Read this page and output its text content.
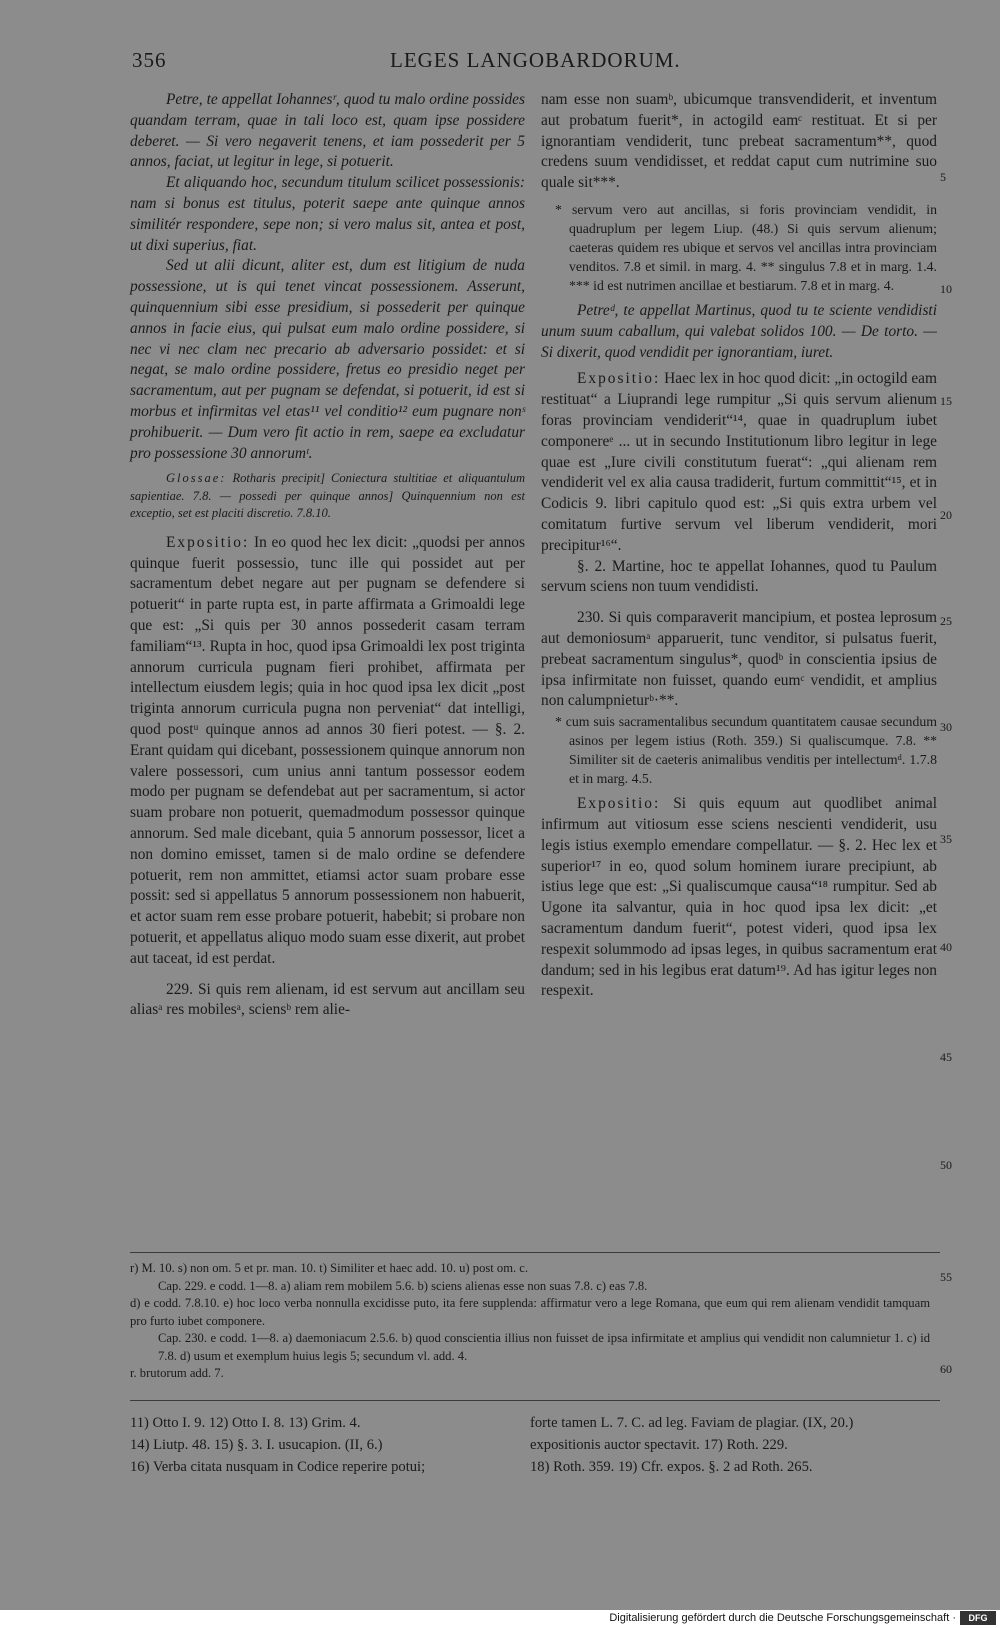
356	LEGES LANGOBARDORUM.

Petre, te appellat Iohannesʳ, quod tu malo ordine possides quandam terram, quae in tali loco est, quam ipse possidere deberet. — Si vero negaverit tenens, et iam possederit per 5 annos, faciat, ut legitur in lege, si potuerit.

Et aliquando hoc, secundum titulum scilicet possessionis: nam si bonus est titulus, poterit saepe ante quinque annos similitér respondere, sepe non; si vero malus sit, antea et post, ut dixi superius, fiat.

Sed ut alii dicunt, aliter est, dum est litigium de nuda possessione, ut is qui tenet vincat possessionem. Asserunt, quinquennium sibi esse presidium, si possederit per quinque annos in facie eius, qui pulsat eum malo ordine possidere, si nec vi nec clam nec precario ab adversario possidet: et si negat, se malo ordine possidere, fretus eo presidio neget per sacramentum, aut per pugnam se defendat, si potuerit, id est si morbus et infirmitas vel etas¹¹ vel conditio¹² eum pugnare nonˢ prohibuerit. — Dum vero fit actio in rem, saepe ea excludatur pro possessione 30 annorumᵗ.

Glossae: Rotharis precipit] Coniectura stultitiae et aliquantulum sapientiae. 7.8. — possedi per quinque annos] Quinquennium non est exceptio, set est placiti discretio. 7.8.10.

Expositio: In eo quod hec lex dicit: „quodsi per annos quinque fuerit possessio, tunc ille qui possidet aut per sacramentum debet negare aut per pugnam se defendere si potuerit“ in parte rupta est, in parte affirmata a Grimoaldi lege que est: „Si quis per 30 annos possederit casam terram familiam“¹³. Rupta in hoc, quod ipsa Grimoaldi lex post triginta annorum curricula pugnam fieri prohibet, affirmata per intellectum eiusdem legis; quia in hoc quod ipsa lex dicit „post triginta annorum curricula pugna non perveniat“ dat intelligi, quod postᵘ quinque annos ad annos 30 fieri potest. — §. 2. Erant quidam qui dicebant, possessionem quinque annorum non valere possessori, cum unius anni tantum possessor eodem modo per pugnam se defendebat aut per sacramentum, si actor suam probare non potuerit, quemadmodum possessor quinque annorum. Sed male dicebant, quia 5 annorum possessor, licet a non domino emisset, tamen si de malo ordine se defendere potuerit, rem non ammittet, etiamsi actor suam probare esse possit: sed si appellatus 5 annorum possessionem non habuerit, et actor suam rem esse probare potuerit, habebit; si probare non potuerit, et appellatus aliquo modo suam esse dixerit, aut probet aut taceat, id est perdat.

229. Si quis rem alienam, id est servum aut ancillam seu aliasᵃ res mobilesᵃ, sciensᵇ rem alie-

nam esse non suamᵇ, ubicumque transvendiderit, et inventum aut probatum fuerit*, in actogild eamᶜ restituat. Et si per ignorantiam vendiderit, tunc prebeat sacramentum**, quod credens suum vendidisset, et reddat caput cum nutrimine suo quale sit***.

* servum vero aut ancillas, si foris provinciam vendidit, in quadruplum per legem Liup. (48.) Si quis servum alienum; caeteras quidem res ubique et servos vel ancillas intra provinciam venditos. 7.8 et simil. in marg. 4. ** singulus 7.8 et in marg. 1.4. *** id est nutrimen ancillae et bestiarum. 7.8 et in marg. 4.

Petreᵈ, te appellat Martinus, quod tu te sciente vendidisti unum suum caballum, qui valebat solidos 100. — De torto. — Si dixerit, quod vendidit per ignorantiam, iuret.

Expositio: Haec lex in hoc quod dicit: „in octogild eam restituat“ a Liuprandi lege rumpitur „Si quis servum alienum foras provinciam vendiderit“¹⁴, quae in quadruplum iubet componereᵉ ... ut in secundo Institutionum libro legitur in lege quae est „Iure civili constitutum fuerat“: „qui alienam rem vendiderit vel ex alia causa tradiderit, furtum committit“¹⁵, et in Codicis 9. libri capitulo quod est: „Si quis extra urbem vel comitatum furtive servum vel liberum vendiderit, mori precipitur¹⁶“.

§. 2. Martine, hoc te appellat Iohannes, quod tu Paulum servum sciens non tuum vendidisti.

230. Si quis comparaverit mancipium, et postea leprosum aut demoniosumᵃ apparuerit, tunc venditor, si pulsatus fuerit, prebeat sacramentum singulus*, quodᵇ in conscientia ipsius de ipsa infirmitate non fuisset, quando eumᶜ vendidit, et amplius non calumpnieturᵇ·**.

* cum suis sacramentalibus secundum quantitatem causae secundum asinos per legem istius (Roth. 359.) Si qualiscumque. 7.8. ** Similiter sit de caeteris animalibus venditis per intellectumᵈ. 1.7.8 et in marg. 4.5.

Expositio: Si quis equum aut quodlibet animal infirmum aut vitiosum esse sciens nescienti vendiderit, usu legis istius exemplo emendare compellatur. — §. 2. Hec lex et superior¹⁷ in eo, quod solum hominem iurare precipiunt, ab istius lege que est: „Si qualiscumque causa“¹⁸ rumpitur. Sed ab Ugone ita salvantur, quia in hoc quod ipsa lex dicit: „et sacramentum dandum fuerit“, potest videri, quod ipsa lex respexit solummodo ad ipsas leges, in quibus sacramentum erat dandum; sed in his legibus erat datum¹⁹. Ad has igitur leges non respexit.

5
10
15
20
25
30
35
40
45
50
55
60

r) M. 10. s) non om. 5 et pr. man. 10. t) Similiter et haec add. 10. u) post om. c.

Cap. 229. e codd. 1—8. a) aliam rem mobilem 5.6. b) sciens alienas esse non suas 7.8. c) eas 7.8.

d) e codd. 7.8.10. e) hoc loco verba nonnulla excidisse puto, ita fere supplenda: affirmatur vero a lege Romana, que eum qui rem alienam vendidit tamquam pro furto iubet componere.

Cap. 230. e codd. 1—8. a) daemoniacum 2.5.6. b) quod conscientia illius non fuisset de ipsa infirmitate et amplius qui vendidit non calumnietur 1. c) id 7.8. d) usum et exemplum huius legis 5; secundum vl. add. 4.

r. brutorum add. 7.

11) Otto I. 9. 12) Otto I. 8. 13) Grim. 4.	forte tamen L. 7. C. ad leg. Faviam de plagiar. (IX, 20.)
14) Liutp. 48. 15) §. 3. I. usucapion. (II, 6.)	expositionis auctor spectavit. 17) Roth. 229.
16) Verba citata nusquam in Codice reperire potui;	18) Roth. 359. 19) Cfr. expos. §. 2 ad Roth. 265.
Digitalisierung gefördert durch die Deutsche Forschungsgemeinschaft ·	DFG
